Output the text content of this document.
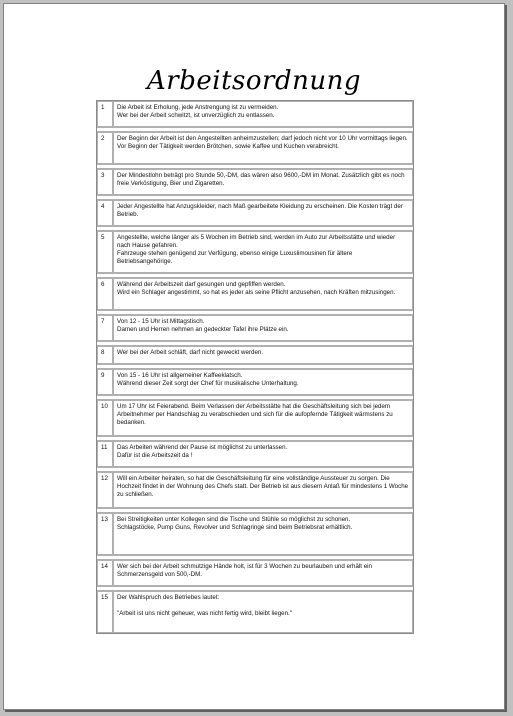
Arbeitsordnung
1	Die Arbeit ist Erholung, jede Anstrengung ist zu vermeiden.
Wer bei der Arbeit schwitzt, ist unverzüglich zu entlassen.

2	Der Beginn der Arbeit ist den Angestellten anheimzustellen; darf jedoch nicht vor 10 Uhr vormittags liegen. Vor Beginn der Tätigkeit werden Brötchen, sowie Kaffee und Kuchen verabreicht.

3	Der Mindestlohn beträgt pro Stunde 50,-DM, das wären also 9600,-DM im Monat. Zusätzlich gibt es noch freie Verköstigung, Bier und Zigaretten.

4	Jeder Angestellte hat Anzugskleider, nach Maß gearbeitete Kleidung zu erscheinen. Die Kosten trägt der Betrieb.

5	Angestellte, welche länger als 5 Wochen im Betrieb sind, werden im Auto zur Arbeitsstätte und wieder nach Hause gefahren.
Fahrzeuge stehen genügend zur Verfügung, ebenso einige Luxuslimousinen für ältere Betriebsangehörige.

6	Während der Arbeitszeit darf gesungen und gepfiffen werden.
Wird ein Schlager angestimmt, so hat es jeder als seine Pflicht anzusehen, nach Kräften mitzusingen.

7	Von 12 - 15 Uhr ist Mittagstisch.
Damen und Herren nehmen an gedeckter Tafel ihre Plätze ein.

8	Wer bei der Arbeit schläft, darf nicht geweckt werden.

9	Von 15 - 16 Uhr ist allgemeiner Kaffeeklatsch.
Während dieser Zeit sorgt der Chef für musikalische Unterhaltung.

10	Um 17 Uhr ist Feierabend. Beim Verlassen der Arbeitsstätte hat die Geschäftsleitung sich bei jedem Arbeitnehmer per Handschlag zu verabschieden und sich für die aufopfernde Tätigkeit wärmstens zu bedanken.

11	Das Arbeiten während der Pause ist möglichst zu unterlassen.
Dafür ist die Arbeitszeit da !

12	Will ein Arbeiter heiraten, so hat die Geschäftsleitung für eine vollständige Aussteuer zu sorgen. Die Hochzeit findet in der Wohnung des Chefs statt. Der Betrieb ist aus diesem Anlaß für mindestens 1 Woche zu schließen.

13	Bei Streitigkeiten unter Kollegen sind die Tische und Stühle so möglichst zu schonen.
Schlagstöcke, Pump Guns, Revolver und Schlagringe sind beim Betriebsrat erhältlich.

14	Wer sich bei der Arbeit schmutzige Hände holt, ist für 3 Wochen zu beurlauben und erhält ein Schmerzensgeld von 500,-DM.

15	Der Wahlspruch des Betriebes lautet:

"Arbeit ist uns nicht geheuer, was nicht fertig wird, bleibt liegen."
